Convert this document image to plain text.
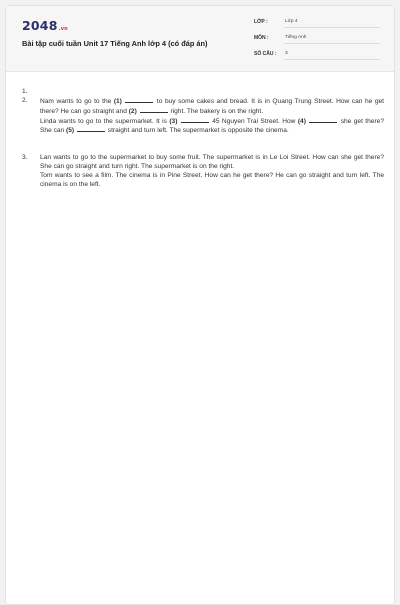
2048.vn
Bài tập cuối tuần Unit 17 Tiếng Anh lớp 4 (có đáp án)
LỚP :	Lớp 4
MÔN :	Tiếng Anh
SỐ CÂU : 3
1.
2. Nam wants to go to the (1)	to buy some cakes and bread. It is in Quang Trung Street. How can he get there? He can go straight and (2)	right. The bakery is on the right.

Linda wants to go to the supermarket. It is (3)	45 Nguyen Trai Street. How (4)	she get there? She can (5)	straight and turn left. The supermarket is opposite the cinema.

3. Lan wants to go to the supermarket to buy some fruit. The supermarket is in Le Loi Street. How can she get there? She can go straight and turn right. The supermarket is on the right.

Tom wants to see a film. The cinema is in Pine Street. How can he get there? He can go straight and turn left. The cinema is on the left.
